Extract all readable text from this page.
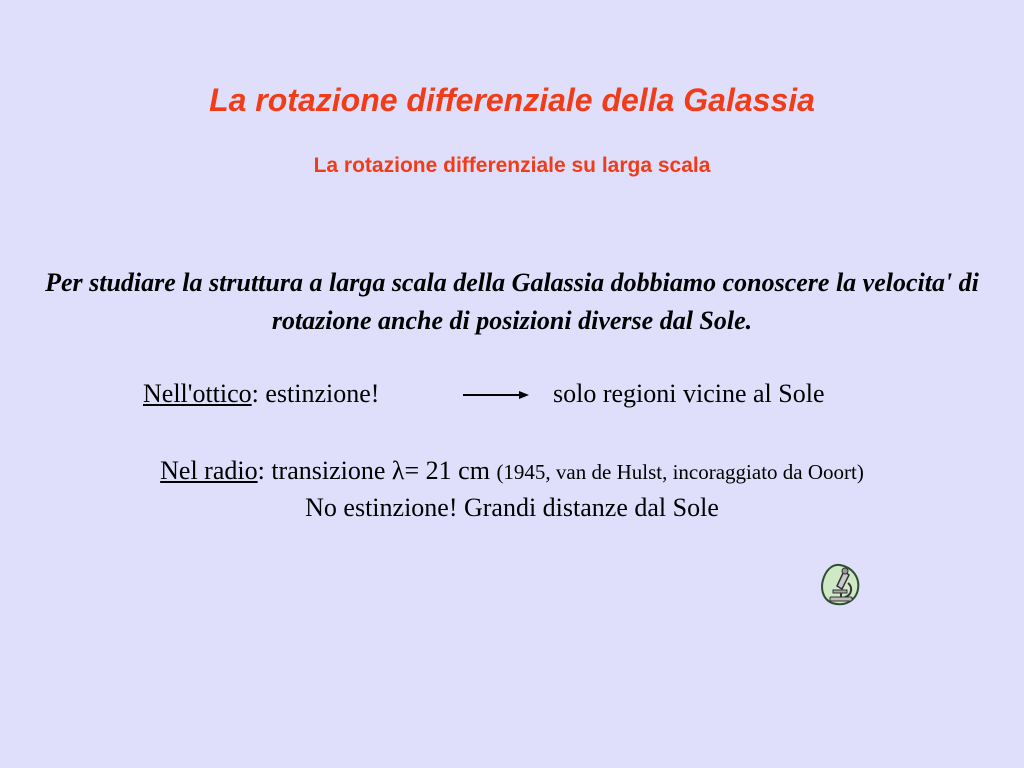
La rotazione differenziale della Galassia
La rotazione differenziale su larga scala

Per studiare la struttura a larga scala della Galassia dobbiamo conoscere la velocita' di rotazione anche di posizioni diverse dal Sole.

Nell'ottico: estinzione!	solo regioni vicine al Sole
Nel radio: transizione λ= 21 cm (1945, van de Hulst, incoraggiato da Ooort)
No estinzione! Grandi distanze dal Sole
